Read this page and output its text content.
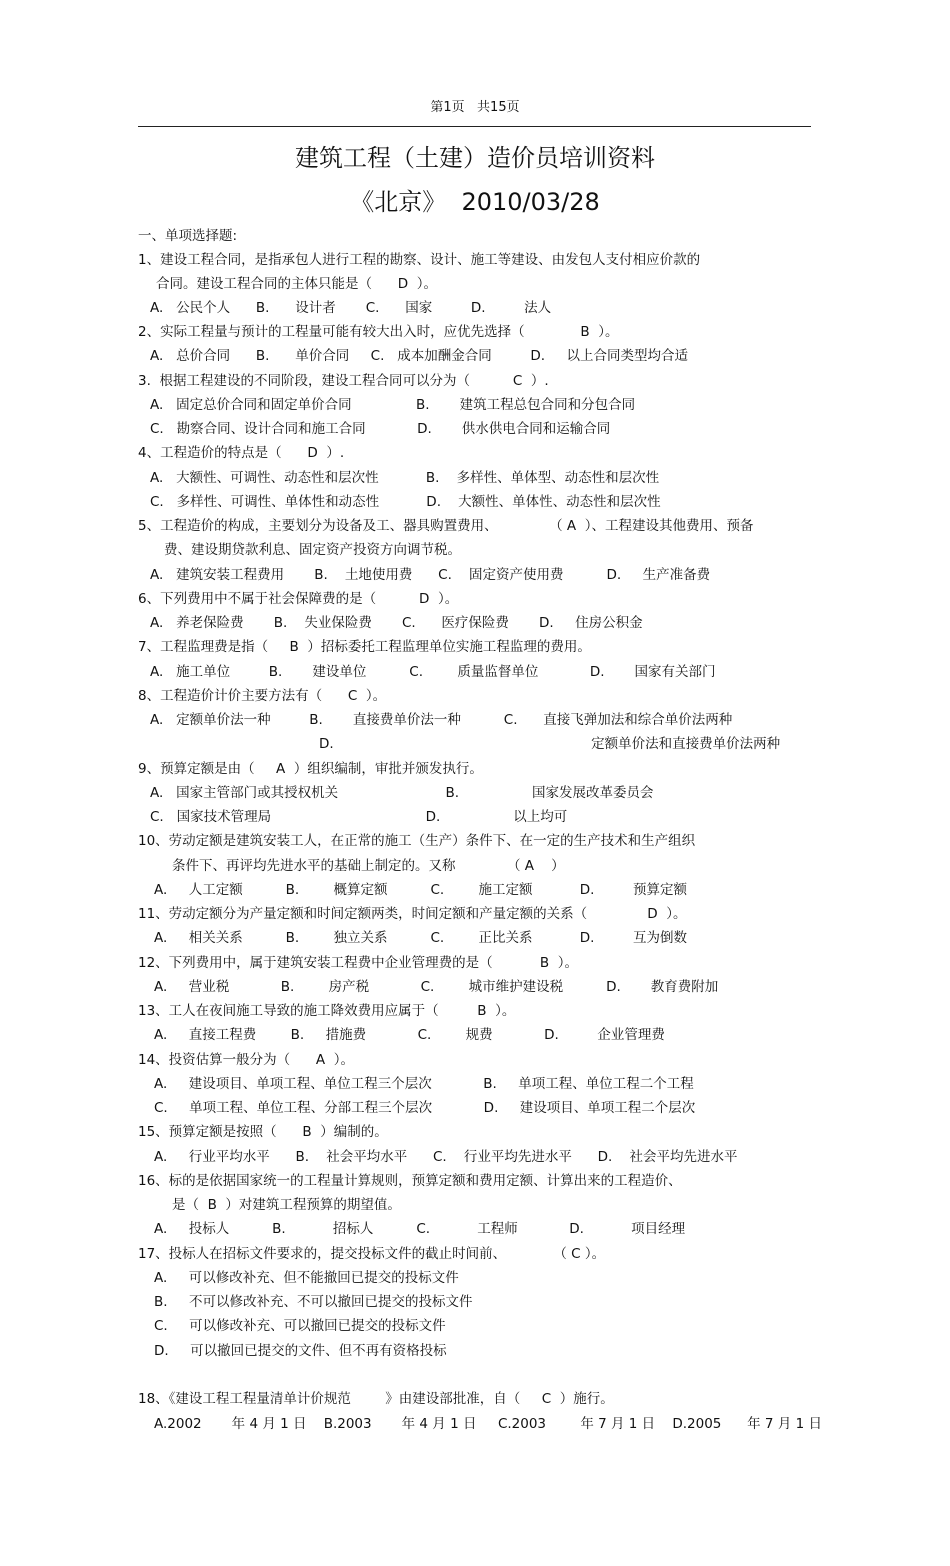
第1页   共15页
建筑工程（土建）造价员培训资料
《北京》  2010/03/28
一、单项选择题:
1、建设工程合同，是指承包人进行工程的勘察、设计、施工等建设、由发包人支付相应价款的
合同。建设工程合同的主体只能是（      D  ）。
A.   公民个人      B.      设计者       C.      国家         D.         法人
2、实际工程量与预计的工程量可能有较大出入时，应优先选择（             B  ）。
A.   总价合同      B.      单价合同     C.   成本加酬金合同         D.     以上合同类型均合适
3.  根据工程建设的不同阶段，建设工程合同可以分为（          C  ）.
A.   固定总价合同和固定单价合同               B.       建筑工程总包合同和分包合同
C.   勘察合同、设计合同和施工合同            D.       供水供电合同和运输合同
4、工程造价的特点是（      D  ）.
A.   大额性、可调性、动态性和层次性           B.    多样性、单体型、动态性和层次性
C.   多样性、可调性、单体性和动态性           D.    大额性、单体性、动态性和层次性
5、工程造价的构成，主要划分为设备及工、器具购置费用、            （ A  ）、工程建设其他费用、预备
费、建设期贷款利息、固定资产投资方向调节税。
A.   建筑安装工程费用       B.    土地使用费      C.    固定资产使用费          D.     生产准备费
6、下列费用中不属于社会保障费的是（          D  ）。
A.   养老保险费       B.    失业保险费       C.      医疗保险费       D.     住房公积金
7、工程监理费是指（     B  ）招标委托工程监理单位实施工程监理的费用。
A.   施工单位         B.       建设单位          C.        质量监督单位            D.       国家有关部门
8、工程造价计价主要方法有（      C  ）。
A.   定额单价法一种         B.       直接费单价法一种          C.      直接飞弹加法和综合单价法两种
D.                                                            定额单价法和直接费单价法两种
9、预算定额是由（     A  ）组织编制，审批并颁发执行。
A.   国家主管部门或其授权机关                         B.                 国家发展改革委员会
C.   国家技术管理局                                    D.                 以上均可
10、劳动定额是建筑安装工人，在正常的施工（生产）条件下、在一定的生产技术和生产组织
条件下、再评均先进水平的基础上制定的。又称            （ A    ）
A.     人工定额          B.        概算定额          C.        施工定额           D.         预算定额
11、劳动定额分为产量定额和时间定额两类，时间定额和产量定额的关系（              D  ）。
A.     相关关系          B.        独立关系          C.        正比关系           D.         互为倒数
12、下列费用中，属于建筑安装工程费中企业管理费的是（           B  ）。
A.     营业税            B.        房产税            C.        城市维护建设税          D.       教育费附加
13、工人在夜间施工导致的施工降效费用应属于（         B  ）。
A.     直接工程费        B.     措施费            C.        规费            D.         企业管理费
14、投资估算一般分为（      A  ）。
A.     建设项目、单项工程、单位工程三个层次            B.     单项工程、单位工程二个工程
C.     单项工程、单位工程、分部工程三个层次            D.     建设项目、单项工程二个层次
15、预算定额是按照（      B  ）编制的。
A.     行业平均水平      B.    社会平均水平      C.    行业平均先进水平      D.    社会平均先进水平
16、标的是依据国家统一的工程量计算规则，预算定额和费用定额、计算出来的工程造价、
是（  B  ）对建筑工程预算的期望值。
A.     投标人          B.           招标人          C.           工程师            D.           项目经理
17、投标人在招标文件要求的，提交投标文件的截止时间前、           （ C ）。
A.     可以修改补充、但不能撤回已提交的投标文件
B.     不可以修改补充、不可以撤回已提交的投标文件
C.     可以修改补充、可以撤回已提交的投标文件
D.     可以撤回已提交的文件、但不再有资格投标
18、《建设工程工程量清单计价规范        》由建设部批准，自（     C  ）施行。
A.2002       年 4 月 1 日    B.2003       年 4 月 1 日     C.2003        年 7 月 1 日    D.2005      年 7 月 1 日
